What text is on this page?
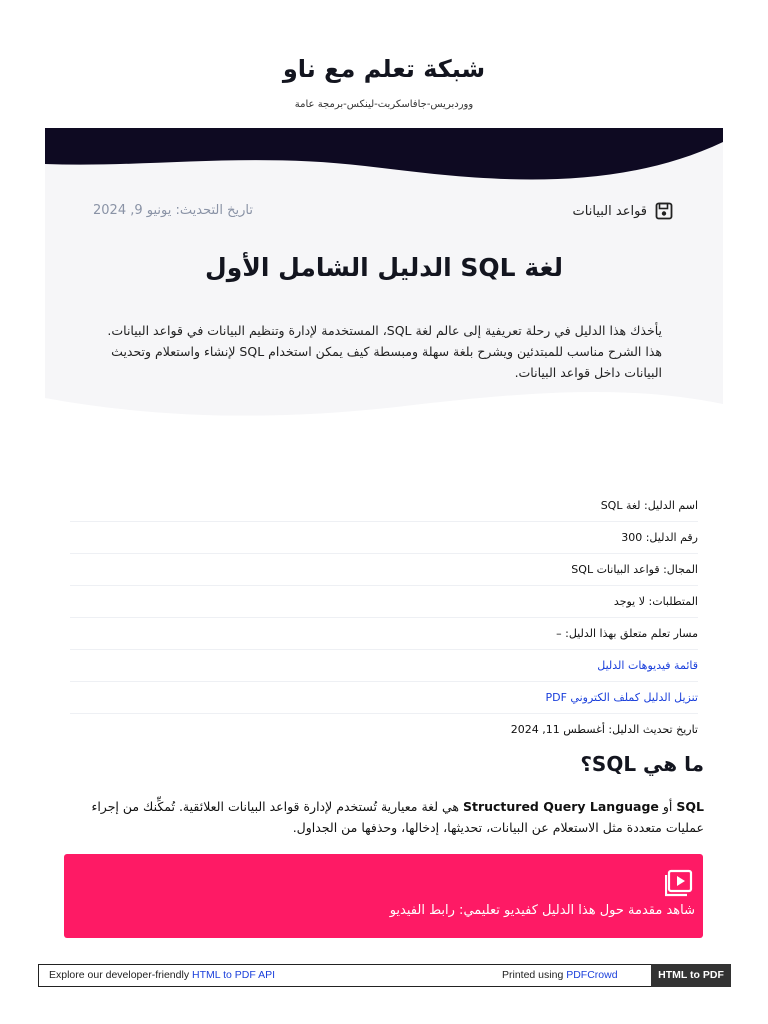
شبكة تعلم مع ناو
ووردبريس-جافاسكربت-لينكس-برمجة عامة
قواعد البيانات
تاريخ التحديث: يونيو 9, 2024
لغة SQL الدليل الشامل الأول
يأخذك هذا الدليل في رحلة تعريفية إلى عالم لغة SQL، المستخدمة لإدارة وتنظيم البيانات في قواعد البيانات. هذا الشرح مناسب للمبتدئين ويشرح بلغة سهلة ومبسطة كيف يمكن استخدام SQL لإنشاء واستعلام وتحديث البيانات داخل قواعد البيانات.
اسم الدليل: لغة SQL
رقم الدليل: 300
المجال: قواعد البيانات SQL
المتطلبات: لا يوجد
مسار تعلم متعلق بهذا الدليل: –
قائمة فيديوهات الدليل
تنزيل الدليل كملف الكتروني PDF
تاريخ تحديث الدليل: أغسطس 11, 2024
ما هي SQL؟
SQL أو Structured Query Language هي لغة معيارية تُستخدم لإدارة قواعد البيانات العلائقية. تُمكِّنك من إجراء عمليات متعددة مثل الاستعلام عن البيانات، تحديثها، إدخالها، وحذفها من الجداول.
شاهد مقدمة حول هذا الدليل كفيديو تعليمي: رابط الفيديو
Explore our developer-friendly HTML to PDF API	Printed using PDFCrowd	HTML to PDF
